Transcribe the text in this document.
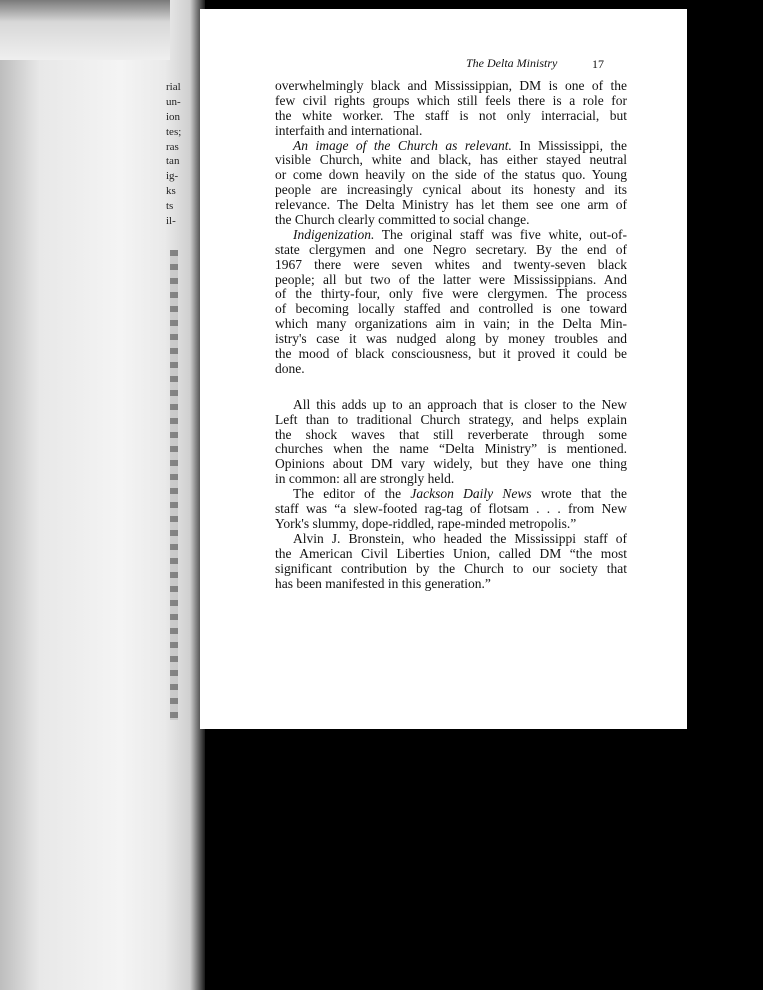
rial
un-
ion
tes;
ras
tan
ig-
ks
ts
il-
The Delta Ministry	17
overwhelmingly black and Mississippian, DM is one of the
few civil rights groups which still feels there is a role for
the white worker. The staff is not only interracial, but
interfaith and international.
An image of the Church as relevant. In Mississippi, the
visible Church, white and black, has either stayed neutral
or come down heavily on the side of the status quo. Young
people are increasingly cynical about its honesty and its
relevance. The Delta Ministry has let them see one arm of
the Church clearly committed to social change.
Indigenization. The original staff was five white, out-of-
state clergymen and one Negro secretary. By the end of
1967 there were seven whites and twenty-seven black
people; all but two of the latter were Mississippians. And
of the thirty-four, only five were clergymen. The process
of becoming locally staffed and controlled is one toward
which many organizations aim in vain; in the Delta Min-
istry's case it was nudged along by money troubles and
the mood of black consciousness, but it proved it could be
done.
All this adds up to an approach that is closer to the New
Left than to traditional Church strategy, and helps explain
the shock waves that still reverberate through some
churches when the name “Delta Ministry” is mentioned.
Opinions about DM vary widely, but they have one thing
in common: all are strongly held.
The editor of the Jackson Daily News wrote that the
staff was “a slew-footed rag-tag of flotsam . . . from New
York's slummy, dope-riddled, rape-minded metropolis.”
Alvin J. Bronstein, who headed the Mississippi staff of
the American Civil Liberties Union, called DM “the most
significant contribution by the Church to our society that
has been manifested in this generation.”
